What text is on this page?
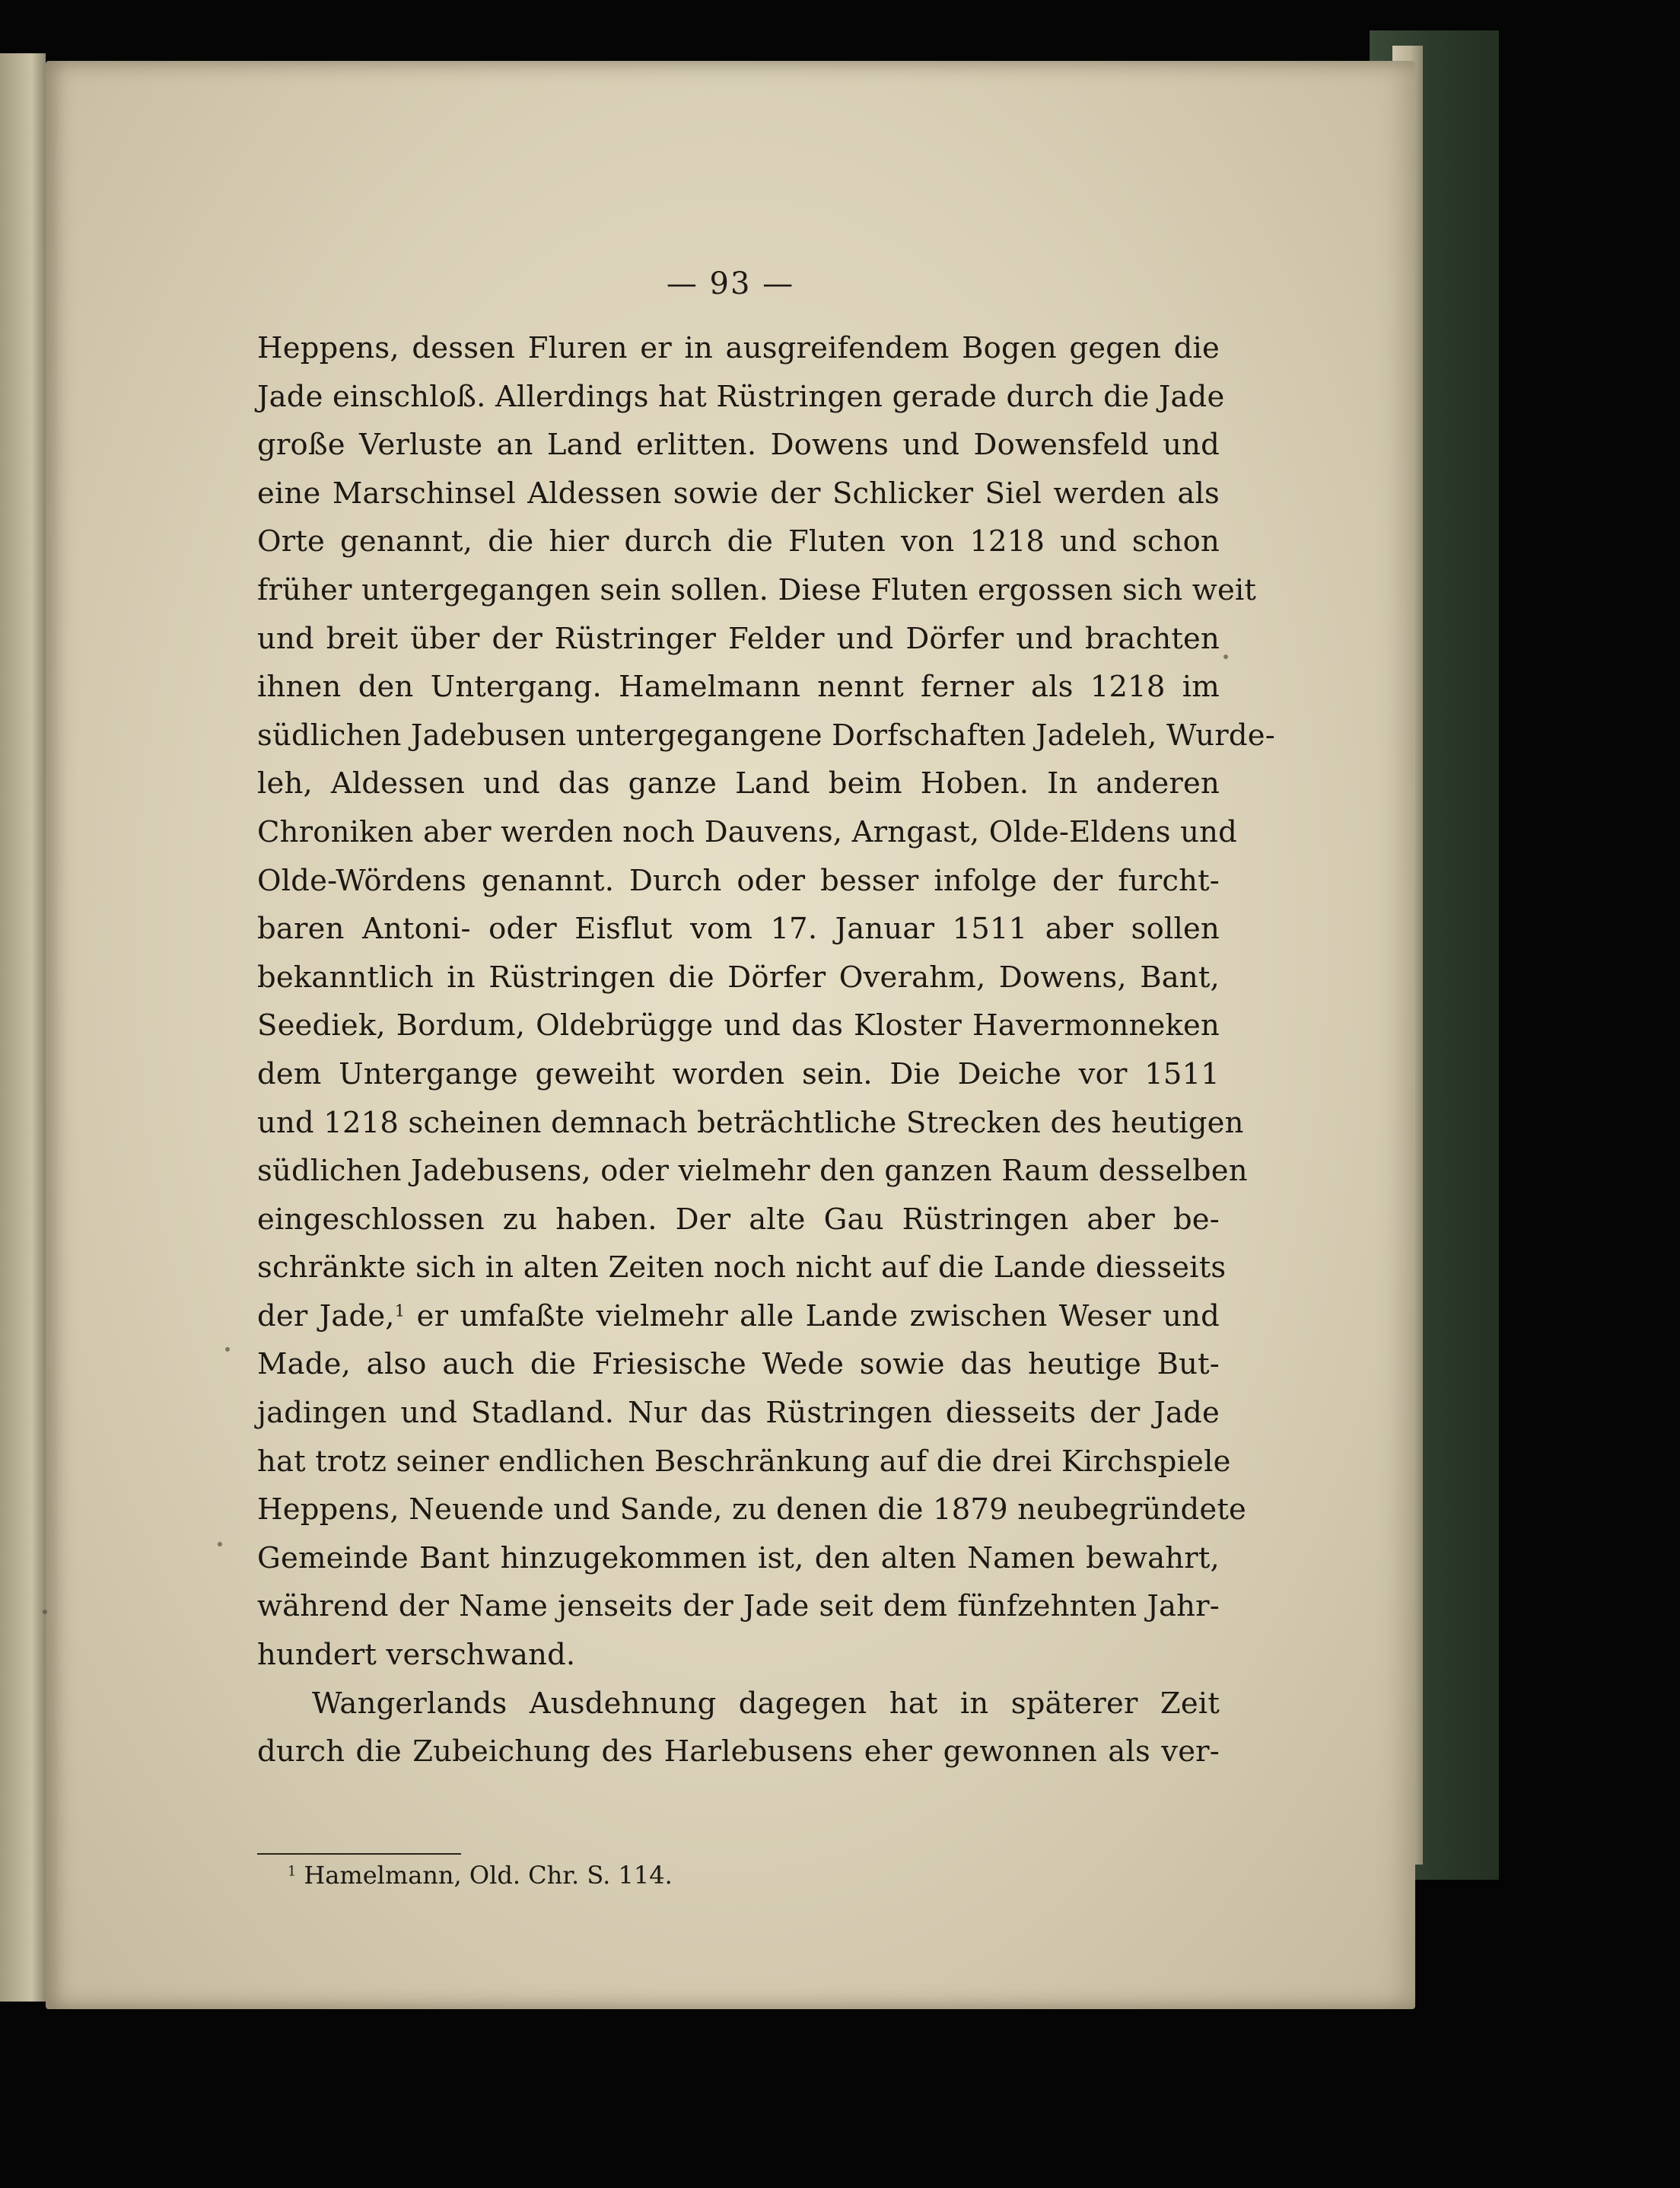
— 93 —
Heppens, dessen Fluren er in ausgreifendem Bogen gegen die
Jade einschloß. Allerdings hat Rüstringen gerade durch die Jade
große Verluste an Land erlitten. Dowens und Dowensfeld und
eine Marschinsel Aldessen sowie der Schlicker Siel werden als
Orte genannt, die hier durch die Fluten von 1218 und schon
früher untergegangen sein sollen. Diese Fluten ergossen sich weit
und breit über der Rüstringer Felder und Dörfer und brachten
ihnen den Untergang. Hamelmann nennt ferner als 1218 im
südlichen Jadebusen untergegangene Dorfschaften Jadeleh, Wurde-
leh, Aldessen und das ganze Land beim Hoben. In anderen
Chroniken aber werden noch Dauvens, Arngast, Olde-Eldens und
Olde-Wördens genannt. Durch oder besser infolge der furcht-
baren Antoni- oder Eisflut vom 17. Januar 1511 aber sollen
bekanntlich in Rüstringen die Dörfer Overahm, Dowens, Bant,
Seediek, Bordum, Oldebrügge und das Kloster Havermonneken
dem Untergange geweiht worden sein. Die Deiche vor 1511
und 1218 scheinen demnach beträchtliche Strecken des heutigen
südlichen Jadebusens, oder vielmehr den ganzen Raum desselben
eingeschlossen zu haben. Der alte Gau Rüstringen aber be-
schränkte sich in alten Zeiten noch nicht auf die Lande diesseits
der Jade,$^1$ er umfaßte vielmehr alle Lande zwischen Weser und
Made, also auch die Friesische Wede sowie das heutige But-
jadingen und Stadland. Nur das Rüstringen diesseits der Jade
hat trotz seiner endlichen Beschränkung auf die drei Kirchspiele
Heppens, Neuende und Sande, zu denen die 1879 neubegründete
Gemeinde Bant hinzugekommen ist, den alten Namen bewahrt,
während der Name jenseits der Jade seit dem fünfzehnten Jahr-
hundert verschwand.
Wangerlands Ausdehnung dagegen hat in späterer Zeit
durch die Zubeichung des Harlebusens eher gewonnen als ver-
$^1$ Hamelmann, Old. Chr. S. 114.
